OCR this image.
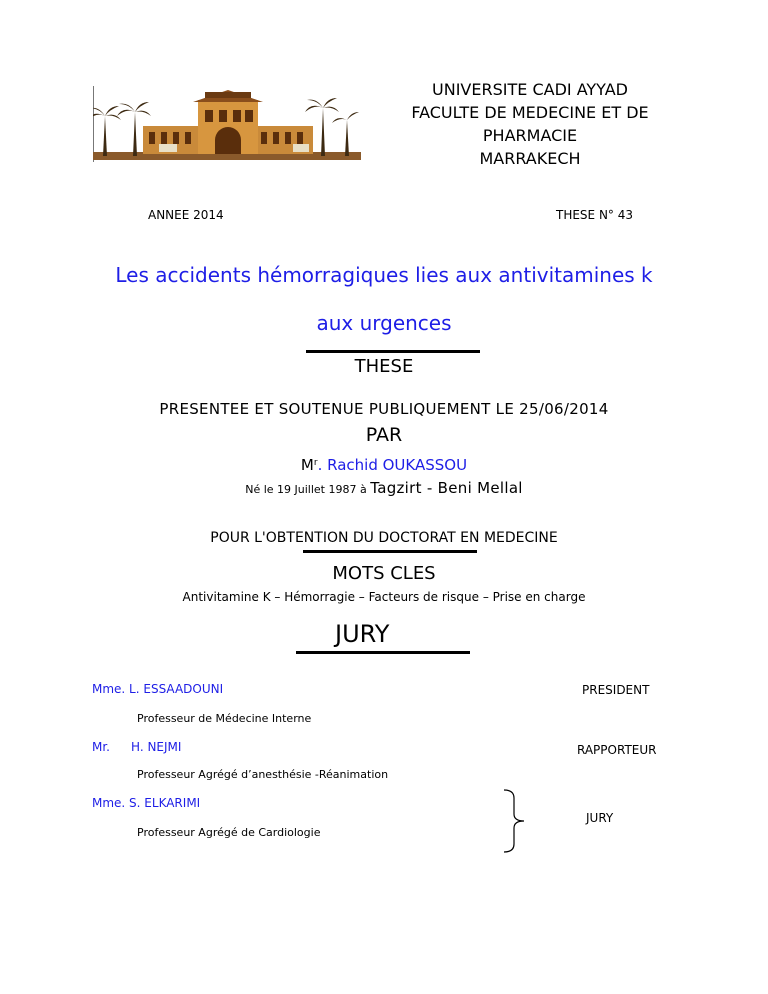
UNIVERSITE CADI AYYAD
FACULTE DE MEDECINE ET DE
PHARMACIE
MARRAKECH
ANNEE 2014	THESE N° 43
Les accidents hémorragiques lies aux antivitamines k
aux urgences
THESE
PRESENTEE ET SOUTENUE PUBLIQUEMENT LE 25/06/2014
PAR
$M^r$. Rachid OUKASSOU
Né le 19 Juillet 1987 à Tagzirt - Beni Mellal
POUR L'OBTENTION DU DOCTORAT EN MEDECINE
MOTS CLES
Antivitamine K – Hémorragie – Facteurs de risque – Prise en charge
JURY
Mme. L. ESSAADOUNI	PRESIDENT
Professeur de Médecine Interne
Mr. H. NEJMI	RAPPORTEUR
Professeur Agrégé d’anesthésie -Réanimation
Mme. S. ELKARIMI
Professeur Agrégé de Cardiologie
JURY
